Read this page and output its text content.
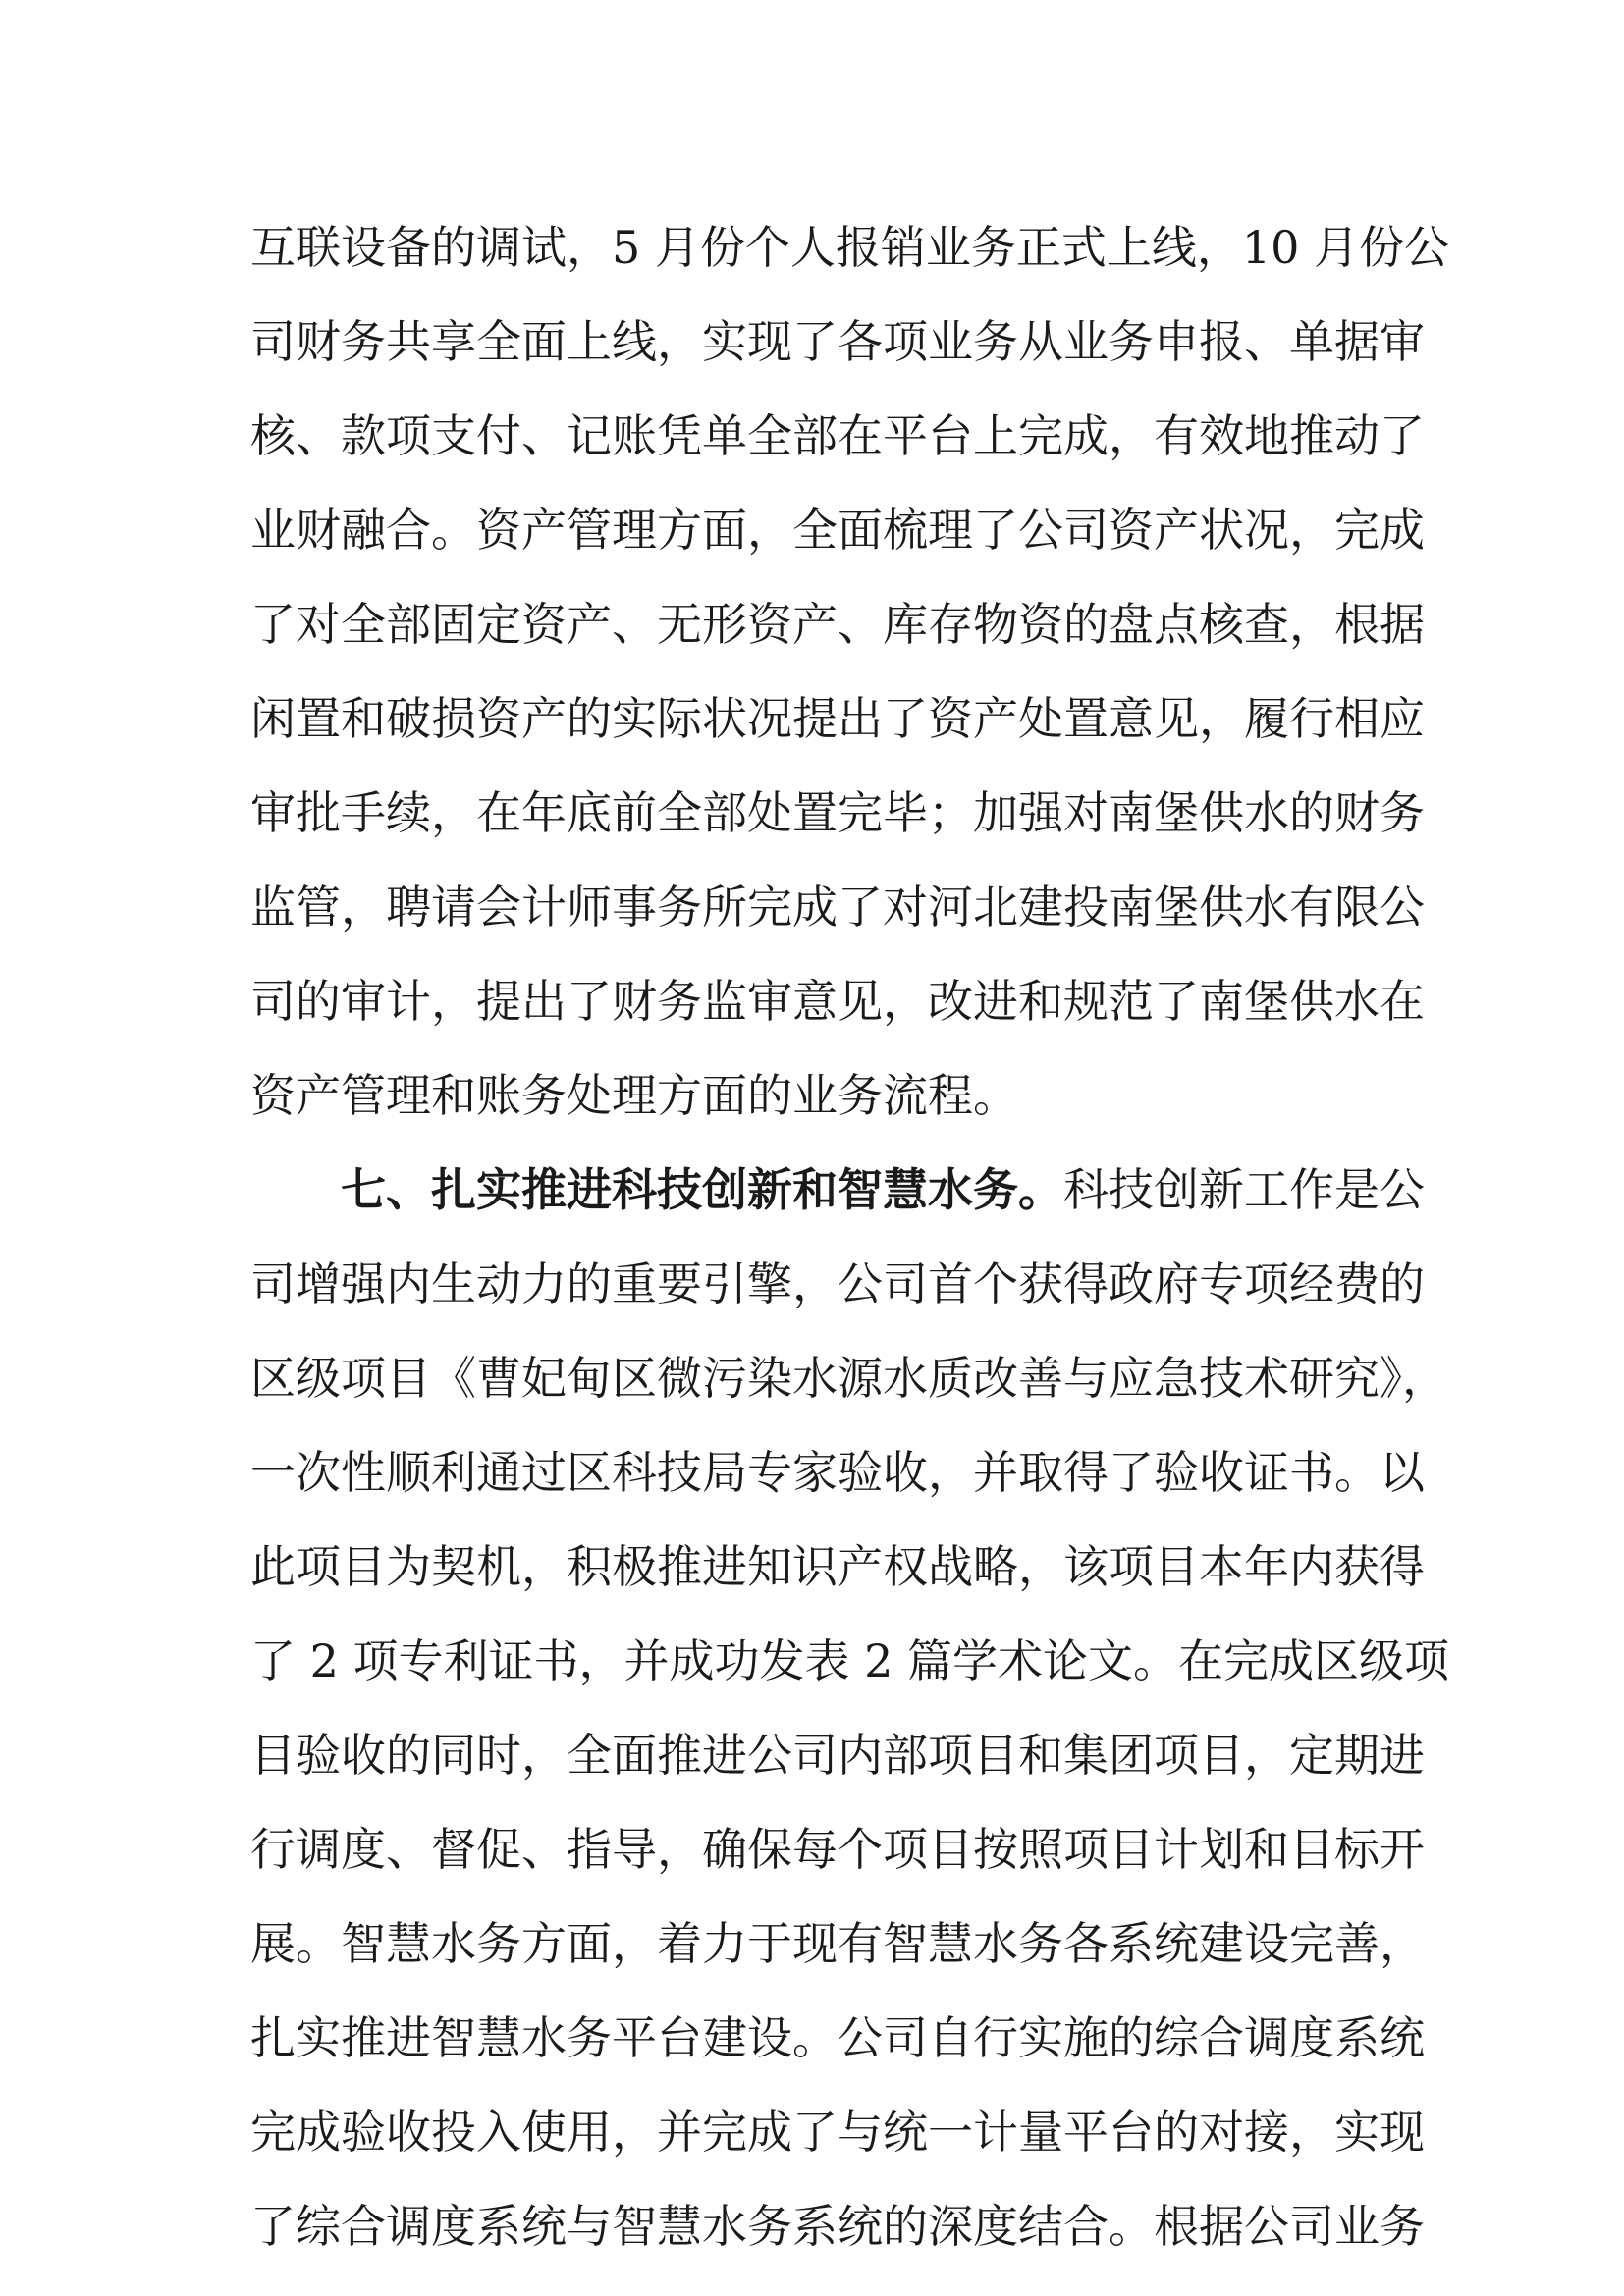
互联设备的调试，5 月份个人报销业务正式上线，10 月份公
司财务共享全面上线，实现了各项业务从业务申报、单据审
核、款项支付、记账凭单全部在平台上完成，有效地推动了
业财融合。资产管理方面，全面梳理了公司资产状况，完成
了对全部固定资产、无形资产、库存物资的盘点核查，根据
闲置和破损资产的实际状况提出了资产处置意见，履行相应
审批手续，在年底前全部处置完毕；加强对南堡供水的财务
监管，聘请会计师事务所完成了对河北建投南堡供水有限公
司的审计，提出了财务监审意见，改进和规范了南堡供水在
资产管理和账务处理方面的业务流程。
七、扎实推进科技创新和智慧水务。科技创新工作是公
司增强内生动力的重要引擎，公司首个获得政府专项经费的
区级项目《曹妃甸区微污染水源水质改善与应急技术研究》，
一次性顺利通过区科技局专家验收，并取得了验收证书。以
此项目为契机，积极推进知识产权战略，该项目本年内获得
了 2 项专利证书，并成功发表 2 篇学术论文。在完成区级项
目验收的同时，全面推进公司内部项目和集团项目，定期进
行调度、督促、指导，确保每个项目按照项目计划和目标开
展。智慧水务方面，着力于现有智慧水务各系统建设完善，
扎实推进智慧水务平台建设。公司自行实施的综合调度系统
完成验收投入使用，并完成了与统一计量平台的对接，实现
了综合调度系统与智慧水务系统的深度结合。根据公司业务
